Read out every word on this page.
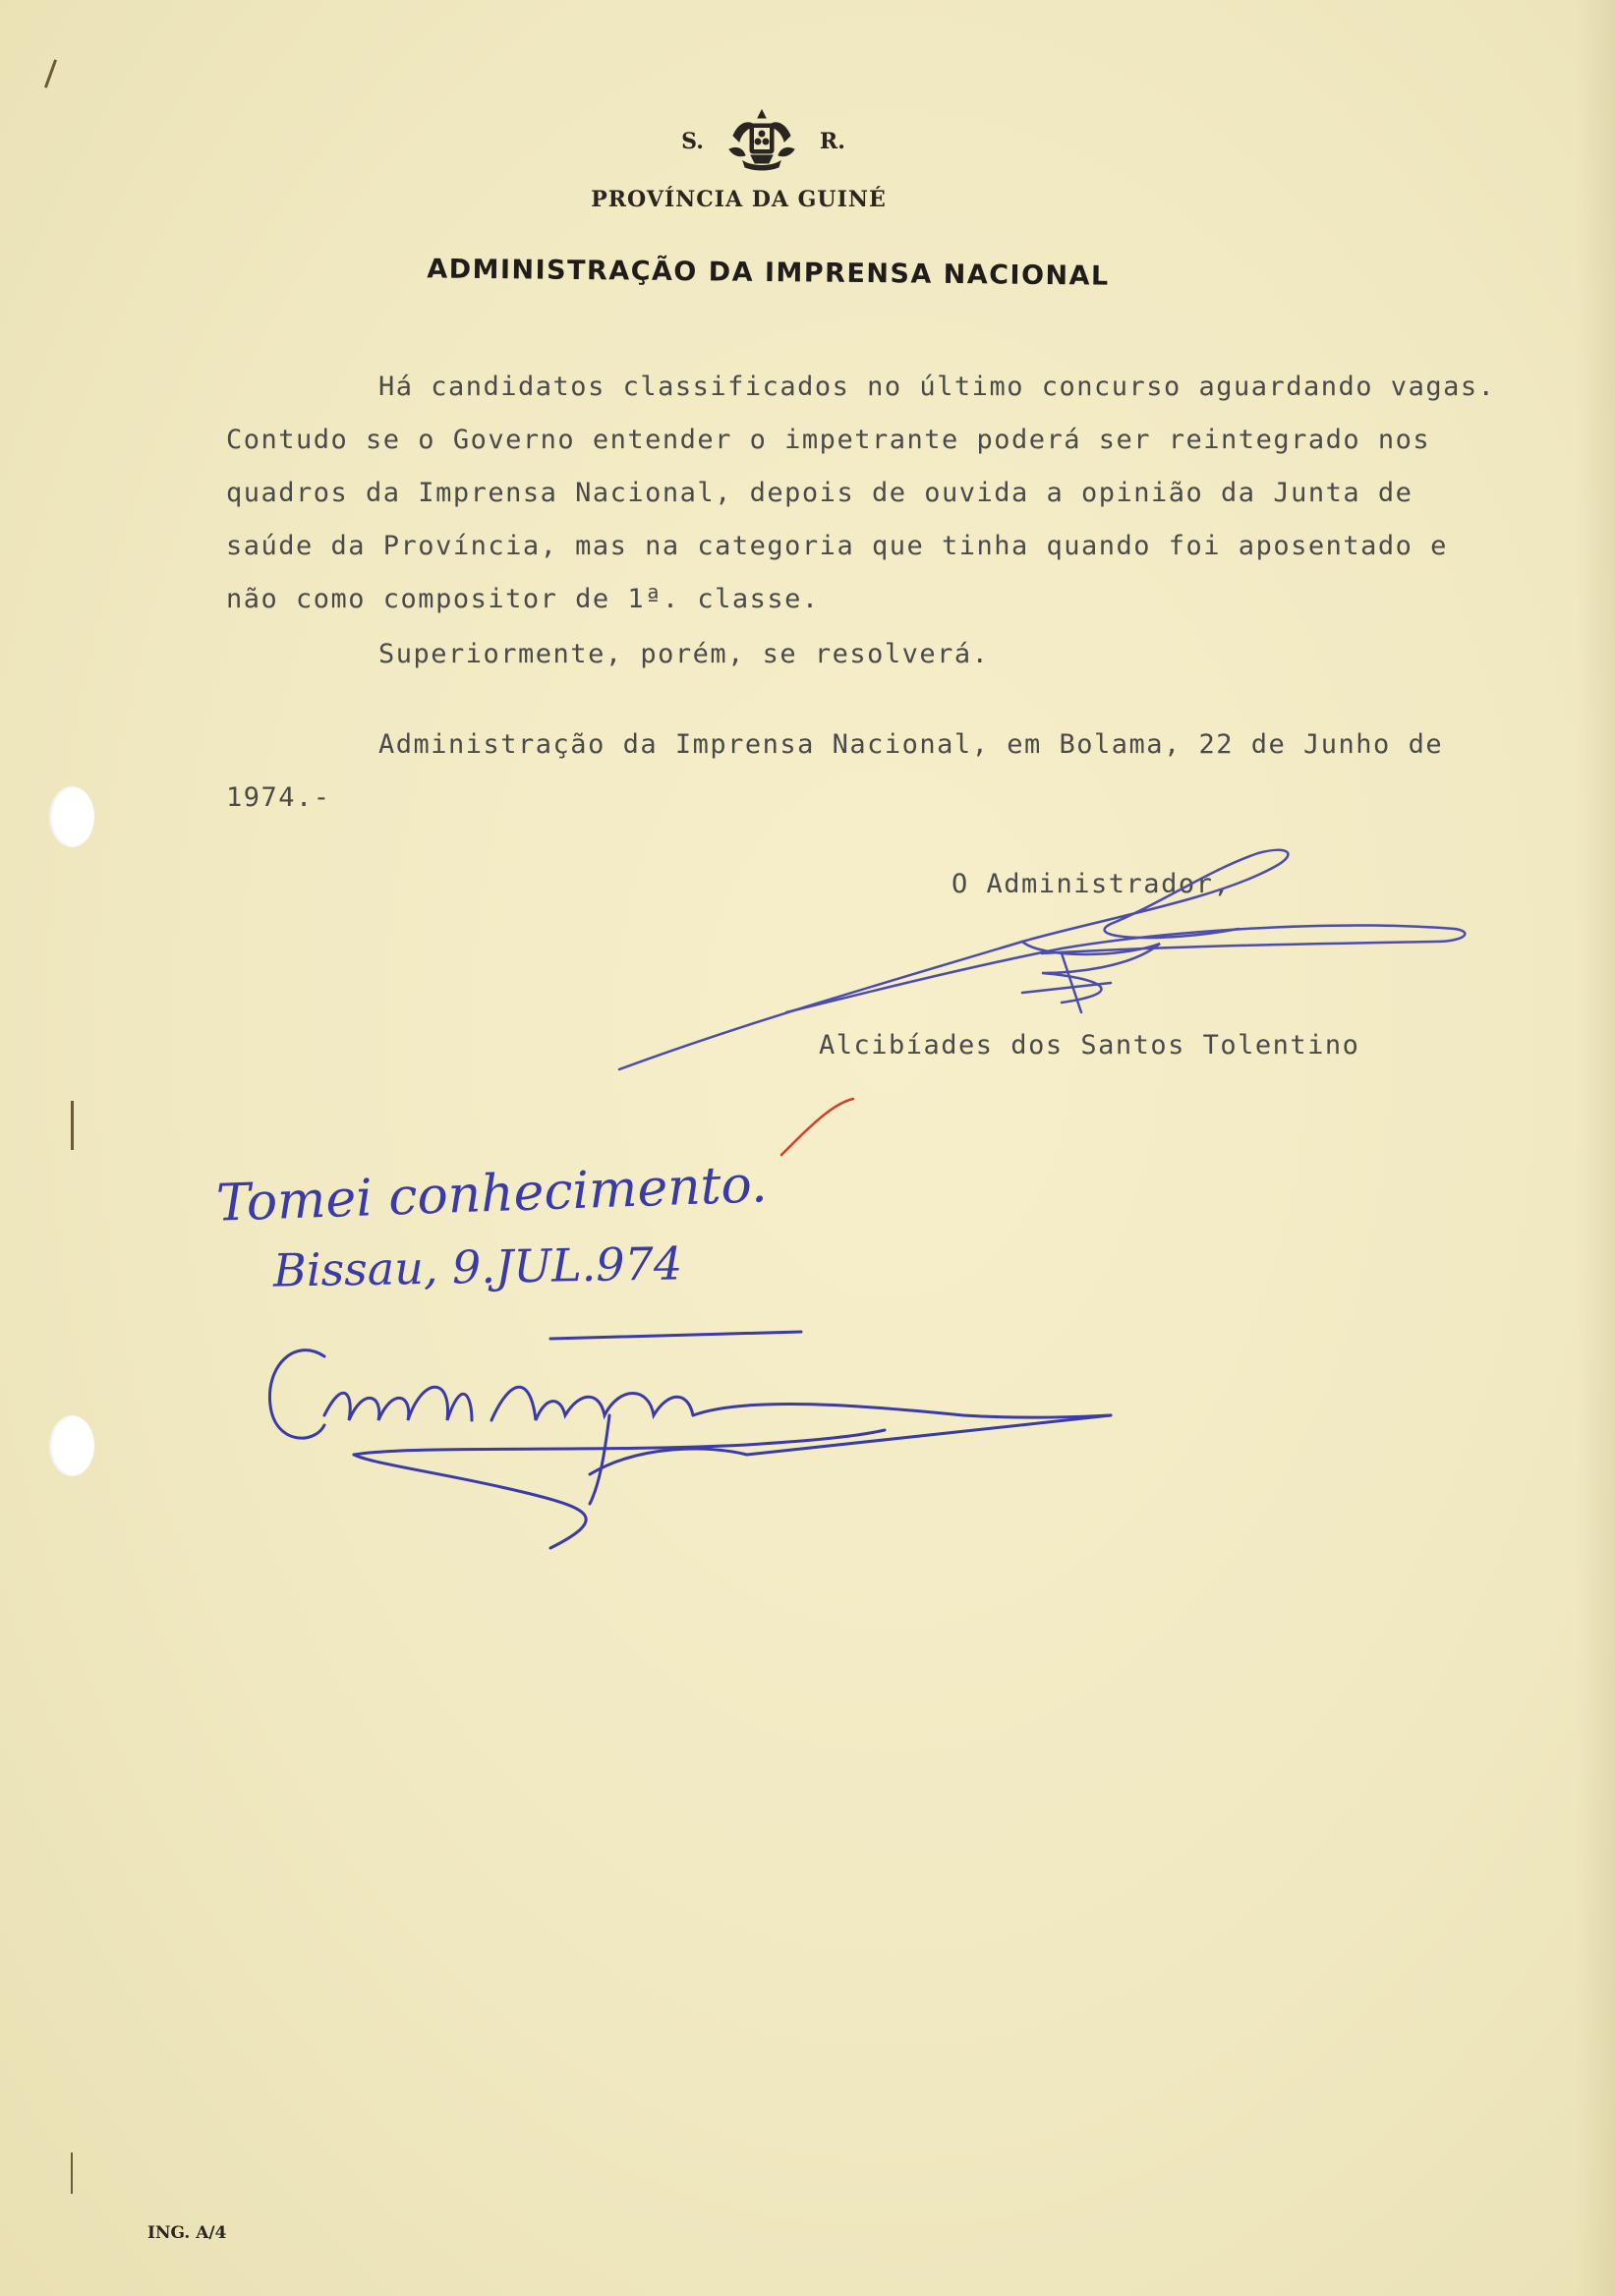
S.	R.
PROVÍNCIA DA GUINÉ
ADMINISTRAÇÃO DA IMPRENSA NACIONAL
Há candidatos classificados no último concurso aguardando vagas.
Contudo se o Governo entender o impetrante poderá ser reintegrado nos
quadros da Imprensa Nacional, depois de ouvida a opinião da Junta de
saúde da Província, mas na categoria que tinha quando foi aposentado e
não como compositor de 1ª. classe.
Superiormente, porém, se resolverá.
Administração da Imprensa Nacional, em Bolama, 22 de Junho de
1974.-
O Administrador,
Alcibíades dos Santos Tolentino
Tomei conhecimento.
Bissau, 9.JUL.974
ING. A/4
